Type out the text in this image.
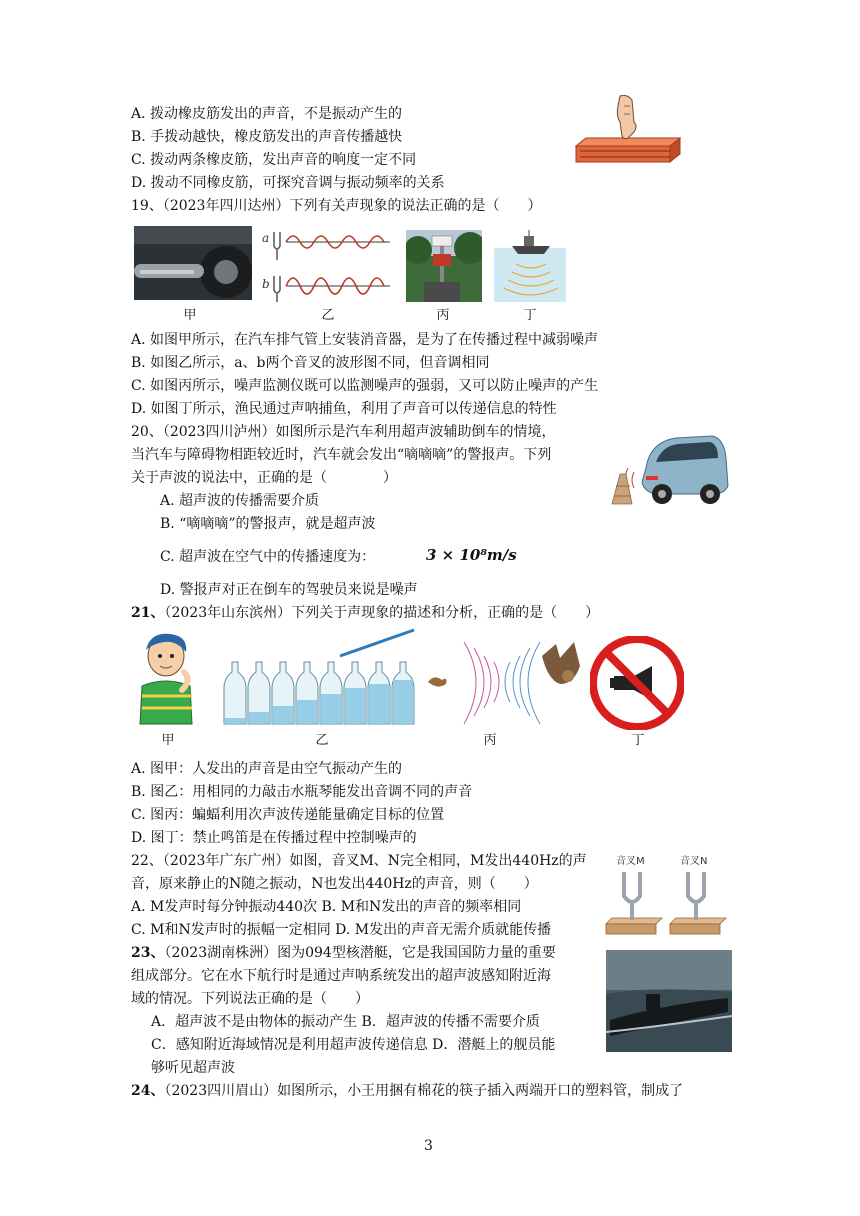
A. 拨动橡皮筋发出的声音，不是振动产生的
B. 手拨动越快，橡皮筋发出的声音传播越快
C. 拨动两条橡皮筋，发出声音的响度一定不同
D. 拨动不同橡皮筋，可探究音调与振动频率的关系
19、（2023年四川达州）下列有关声现象的说法正确的是（　　）
a
b
甲	乙	丙	丁
A. 如图甲所示，在汽车排气管上安装消音器，是为了在传播过程中减弱噪声
B. 如图乙所示，a、b两个音叉的波形图不同，但音调相同
C. 如图丙所示，噪声监测仪既可以监测噪声的强弱，又可以防止噪声的产生
D. 如图丁所示，渔民通过声呐捕鱼，利用了声音可以传递信息的特性
20、（2023四川泸州）如图所示是汽车利用超声波辅助倒车的情境，
当汽车与障碍物相距较近时，汽车就会发出“嘀嘀嘀”的警报声。下列
关于声波的说法中，正确的是（　　　　）
A. 超声波的传播需要介质
B. “嘀嘀嘀”的警报声，就是超声波
C. 超声波在空气中的传播速度为：	3 × 10⁸m/s
D. 警报声对正在倒车的驾驶员来说是噪声
21、（2023年山东滨州）下列关于声现象的描述和分析，正确的是（　　）
甲	乙	丙	丁
A. 图甲：人发出的声音是由空气振动产生的
B. 图乙：用相同的力敲击水瓶琴能发出音调不同的声音
C. 图丙：蝙蝠利用次声波传递能量确定目标的位置
D. 图丁：禁止鸣笛是在传播过程中控制噪声的
22、（2023年广东广州）如图，音叉M、N完全相同，M发出440Hz的声
音，原来静止的N随之振动，N也发出440Hz的声音，则（　　）
A. M发声时每分钟振动440次 B. M和N发出的声音的频率相同
C. M和N发声时的振幅一定相同 D. M发出的声音无需介质就能传播
音叉M	音叉N
23、（2023湖南株洲）图为094型核潜艇，它是我国国防力量的重要
组成部分。它在水下航行时是通过声呐系统发出的超声波感知附近海
域的情况。下列说法正确的是（　　）
A．超声波不是由物体的振动产生 B．超声波的传播不需要介质
C．感知附近海域情况是利用超声波传递信息 D．潜艇上的舰员能
够听见超声波
24、（2023四川眉山）如图所示，小王用捆有棉花的筷子插入两端开口的塑料管，制成了
3
